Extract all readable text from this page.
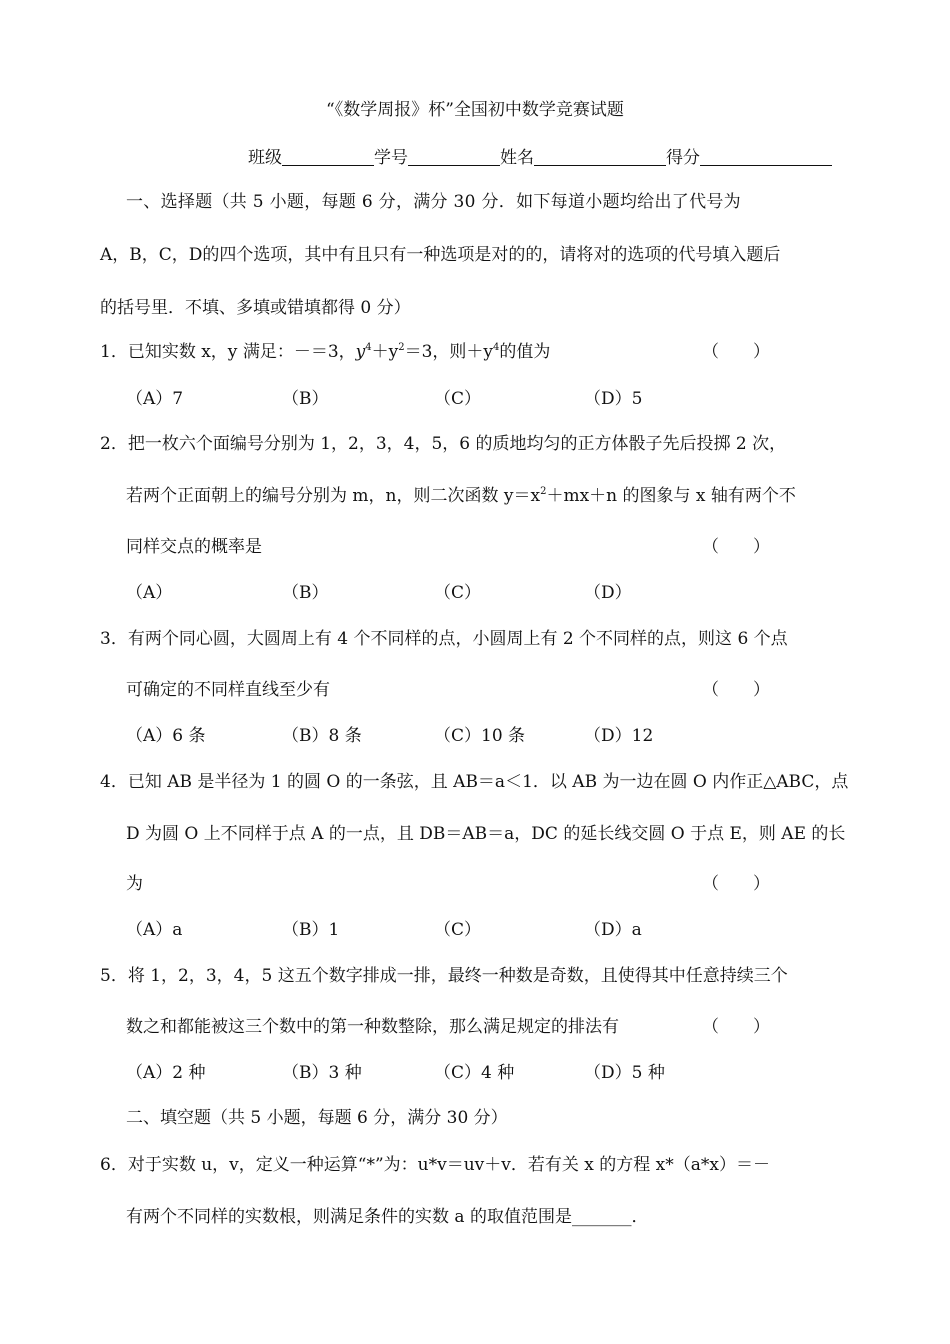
“《数学周报》杯”全国初中数学竞赛试题
班级	学号	姓名	得分
一、选择题（共 5 小题，每题 6 分，满分 30 分．如下每道小题均给出了代号为
A，B，C，D的四个选项，其中有且只有一种选项是对的的，请将对的选项的代号填入题后
的括号里．不填、多填或错填都得 0 分）
1．已知实数 x，y 满足：－＝3，$y^4+y^2=3$，则$+y^4$的值为	（　　）
（A）7	（B）	（C）	（D）5
2．把一枚六个面编号分别为 1，2，3，4，5，6 的质地均匀的正方体骰子先后投掷 2 次，
若两个正面朝上的编号分别为 m，n，则二次函数 $y=x^2+mx+n$ 的图象与 x 轴有两个不
同样交点的概率是	（　　）
（A）	（B）	（C）	（D）
3．有两个同心圆，大圆周上有 4 个不同样的点，小圆周上有 2 个不同样的点，则这 6 个点
可确定的不同样直线至少有	（　　）
（A）6 条	（B）8 条	（C）10 条	（D）12
4．已知 AB 是半径为 1 的圆 O 的一条弦，且 AB＝a＜1．以 AB 为一边在圆 O 内作正△ABC，点
D 为圆 O 上不同样于点 A 的一点，且 DB＝AB＝a，DC 的延长线交圆 O 于点 E，则 AE 的长
为	（　　）
（A）a	（B）1	（C）	（D）a
5．将 1，2，3，4，5 这五个数字排成一排，最终一种数是奇数，且使得其中任意持续三个
数之和都能被这三个数中的第一种数整除，那么满足规定的排法有	（　　）
（A）2 种	（B）3 种	（C）4 种	（D）5 种
二、填空题（共 5 小题，每题 6 分，满分 30 分）
6．对于实数 u，v，定义一种运算“*”为：u*v＝uv＋v．若有关 x 的方程 x*（a*x）＝－
有两个不同样的实数根，则满足条件的实数 a 的取值范围是_______．
